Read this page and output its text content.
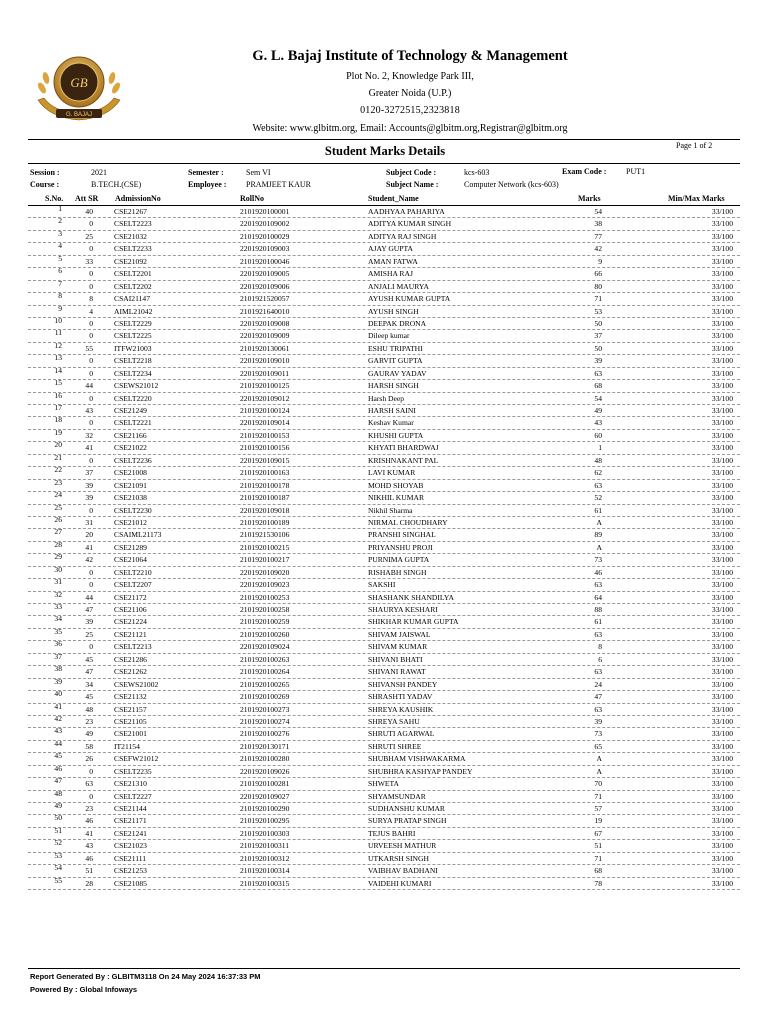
GB
G. BAJAJ
G. L. Bajaj Institute of Technology & Management
Plot No. 2, Knowledge Park III,
Greater Noida (U.P.)
0120-3272515,2323818
Website: www.glbitm.org, Email: Accounts@glbitm.org,Registrar@glbitm.org
Student Marks Details	Page 1 of 2
Session :	2021
Course :	B.TECH.(CSE)
Semester :	Sem VI
Employee : PRAMJEET KAUR
Subject Code :	kcs-603
Subject Name :	Computer Network (kcs-603)
Exam Code : PUT1
S.No. Att SR AdmissionNo	RollNo	Student_Name	Marks	Min/Max Marks
1	40	CSE21267	2101920100001	AADHYAA PAHARIYA	54	33/100
2	0	CSELT2223	2201920109002	ADITYA KUMAR SINGH	38	33/100
3	25	CSE21032	2101920100029	ADITYA RAJ SINGH	77	33/100
4	0	CSELT2233	2201920109003	AJAY GUPTA	42	33/100
5	33	CSE21092	2101920100046	AMAN FATWA	9	33/100
6	0	CSELT2201	2201920109005	AMISHA RAJ	66	33/100
7	0	CSELT2202	2201920109006	ANJALI MAURYA	80	33/100
8	8	CSAI21147	2101921520057	AYUSH KUMAR GUPTA	71	33/100
9	4	AIML21042	2101921640010	AYUSH SINGH	53	33/100
10	0	CSELT2229	2201920109008	DEEPAK DRONA	50	33/100
11	0	CSELT2225	2201920109009	Dileep kumar	37	33/100
12	55	ITFW21003	2101920130061	ESHU TRIPATHI	50	33/100
13	0	CSELT2218	2201920109010	GARVIT GUPTA	39	33/100
14	0	CSELT2234	2201920109011	GAURAV YADAV	63	33/100
15	44	CSEWS21012	2101920100125	HARSH SINGH	68	33/100
16	0	CSELT2220	2201920109012	Harsh Deep	54	33/100
17	43	CSE21249	2101920100124	HARSH SAINI	49	33/100
18	0	CSELT2221	2201920109014	Keshav Kumar	43	33/100
19	32	CSE21166	2101920100153	KHUSHI GUPTA	60	33/100
20	41	CSE21022	2101920100156	KHYATI BHARDWAJ	1	33/100
21	0	CSELT2236	2201920109015	KRISHNAKANT PAL	48	33/100
22	37	CSE21008	2101920100163	LAVI KUMAR	62	33/100
23	39	CSE21091	2101920100178	MOHD SHOYAB	63	33/100
24	39	CSE21038	2101920100187	NIKHIL KUMAR	52	33/100
25	0	CSELT2230	2201920109018	Nikhil Sharma	61	33/100
26	31	CSE21012	2101920100189	NIRMAL CHOUDHARY	A	33/100
27	20	CSAIML21173	2101921530106	PRANSHI SINGHAL	89	33/100
28	41	CSE21289	2101920100215	PRIYANSHU PROJI	A	33/100
29	42	CSE21064	2101920100217	PURNIMA GUPTA	73	33/100
30	0	CSELT2210	2201920109020	RISHABH SINGH	46	33/100
31	0	CSELT2207	2201920109023	SAKSHI	63	33/100
32	44	CSE21172	2101920100253	SHASHANK SHANDILYA	64	33/100
33	47	CSE21106	2101920100258	SHAURYA KESHARI	88	33/100
34	39	CSE21224	2101920100259	SHIKHAR KUMAR GUPTA	61	33/100
35	25	CSE21121	2101920100260	SHIVAM JAISWAL	63	33/100
36	0	CSELT2213	2201920109024	SHIVAM KUMAR	8	33/100
37	45	CSE21286	2101920100263	SHIVANI BHATI	6	33/100
38	47	CSE21262	2101920100264	SHIVANI RAWAT	63	33/100
39	34	CSEWS21002	2101920100265	SHIVANSH PANDEY	24	33/100
40	45	CSE21132	2101920100269	SHRASHTI YADAV	47	33/100
41	48	CSE21157	2101920100273	SHREYA KAUSHIK	63	33/100
42	23	CSE21105	2101920100274	SHREYA SAHU	39	33/100
43	49	CSE21001	2101920100276	SHRUTI AGARWAL	73	33/100
44	58	IT21154	2101920130171	SHRUTI SHREE	65	33/100
45	26	CSEFW21012	2101920100280	SHUBHAM VISHWAKARMA	A	33/100
46	0	CSELT2235	2201920109026	SHUBHRA KASHYAP PANDEY	A	33/100
47	63	CSE21310	2101920100281	SHWETA	70	33/100
48	0	CSELT2227	2201920109027	SHYAMSUNDAR	71	33/100
49	23	CSE21144	2101920100290	SUDHANSHU KUMAR	57	33/100
50	46	CSE21171	2101920100295	SURYA PRATAP SINGH	19	33/100
51	41	CSE21241	2101920100303	TEJUS BAHRI	67	33/100
52	43	CSE21023	2101920100311	URVEESH MATHUR	51	33/100
53	46	CSE21111	2101920100312	UTKARSH SINGH	71	33/100
54	51	CSE21253	2101920100314	VAIBHAV BADHANI	68	33/100
55	28	CSE21085	2101920100315	VAIDEHI KUMARI	78	33/100
Report Generated By : GLBITM3118 On 24 May 2024 16:37:33 PM
Powered By : Global Infoways
